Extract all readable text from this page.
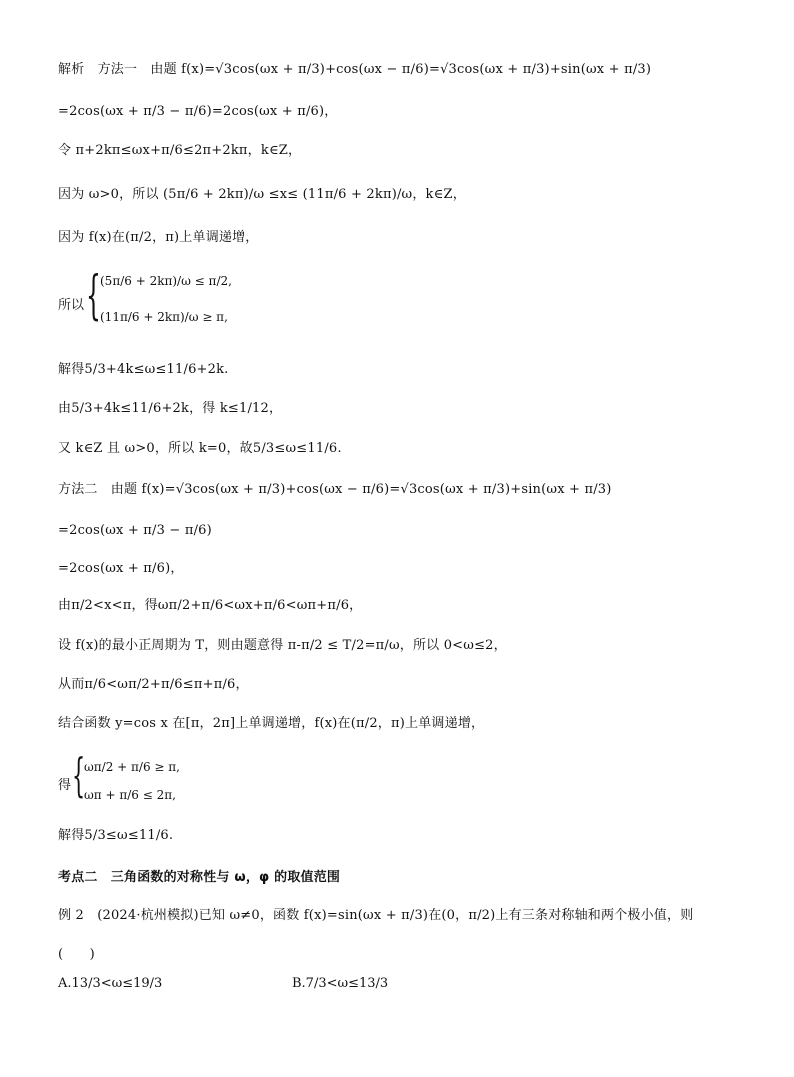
解析　方法一　由题 f(x)=√3cos(ωx + π/3)+cos(ωx − π/6)=√3cos(ωx + π/3)+sin(ωx + π/3)
=2cos(ωx + π/3 − π/6)=2cos(ωx + π/6)，
令 π+2kπ≤ωx+π/6≤2π+2kπ，k∈Z，
因为 ω>0，所以 (5π/6 + 2kπ)/ω ≤x≤ (11π/6 + 2kπ)/ω，k∈Z，
因为 f(x)在(π/2，π)上单调递增，
所以 { (5π/6 + 2kπ)/ω ≤ π/2,
(11π/6 + 2kπ)/ω ≥ π,
解得5/3+4k≤ω≤11/6+2k.
由5/3+4k≤11/6+2k，得 k≤1/12，
又 k∈Z 且 ω>0，所以 k=0，故5/3≤ω≤11/6.
方法二　由题 f(x)=√3cos(ωx + π/3)+cos(ωx − π/6)=√3cos(ωx + π/3)+sin(ωx + π/3)
=2cos(ωx + π/3 − π/6)
=2cos(ωx + π/6)，
由π/2<x<π，得ωπ/2+π/6<ωx+π/6<ωπ+π/6，
设 f(x)的最小正周期为 T，则由题意得 π-π/2 ≤ T/2=π/ω，所以 0<ω≤2，
从而π/6<ωπ/2+π/6≤π+π/6，
结合函数 y=cos x 在[π，2π]上单调递增，f(x)在(π/2，π)上单调递增，
得 {
ωπ/2 + π/6 ≥ π,
ωπ + π/6 ≤ 2π,
解得5/3≤ω≤11/6.
考点二　三角函数的对称性与 ω，φ 的取值范围
例 2　(2024·杭州模拟)已知 ω≠0，函数 f(x)=sin(ωx + π/3)在(0，π/2)上有三条对称轴和两个极小值，则
(　　)
A.13/3<ω≤19/3	B.7/3<ω≤13/3
